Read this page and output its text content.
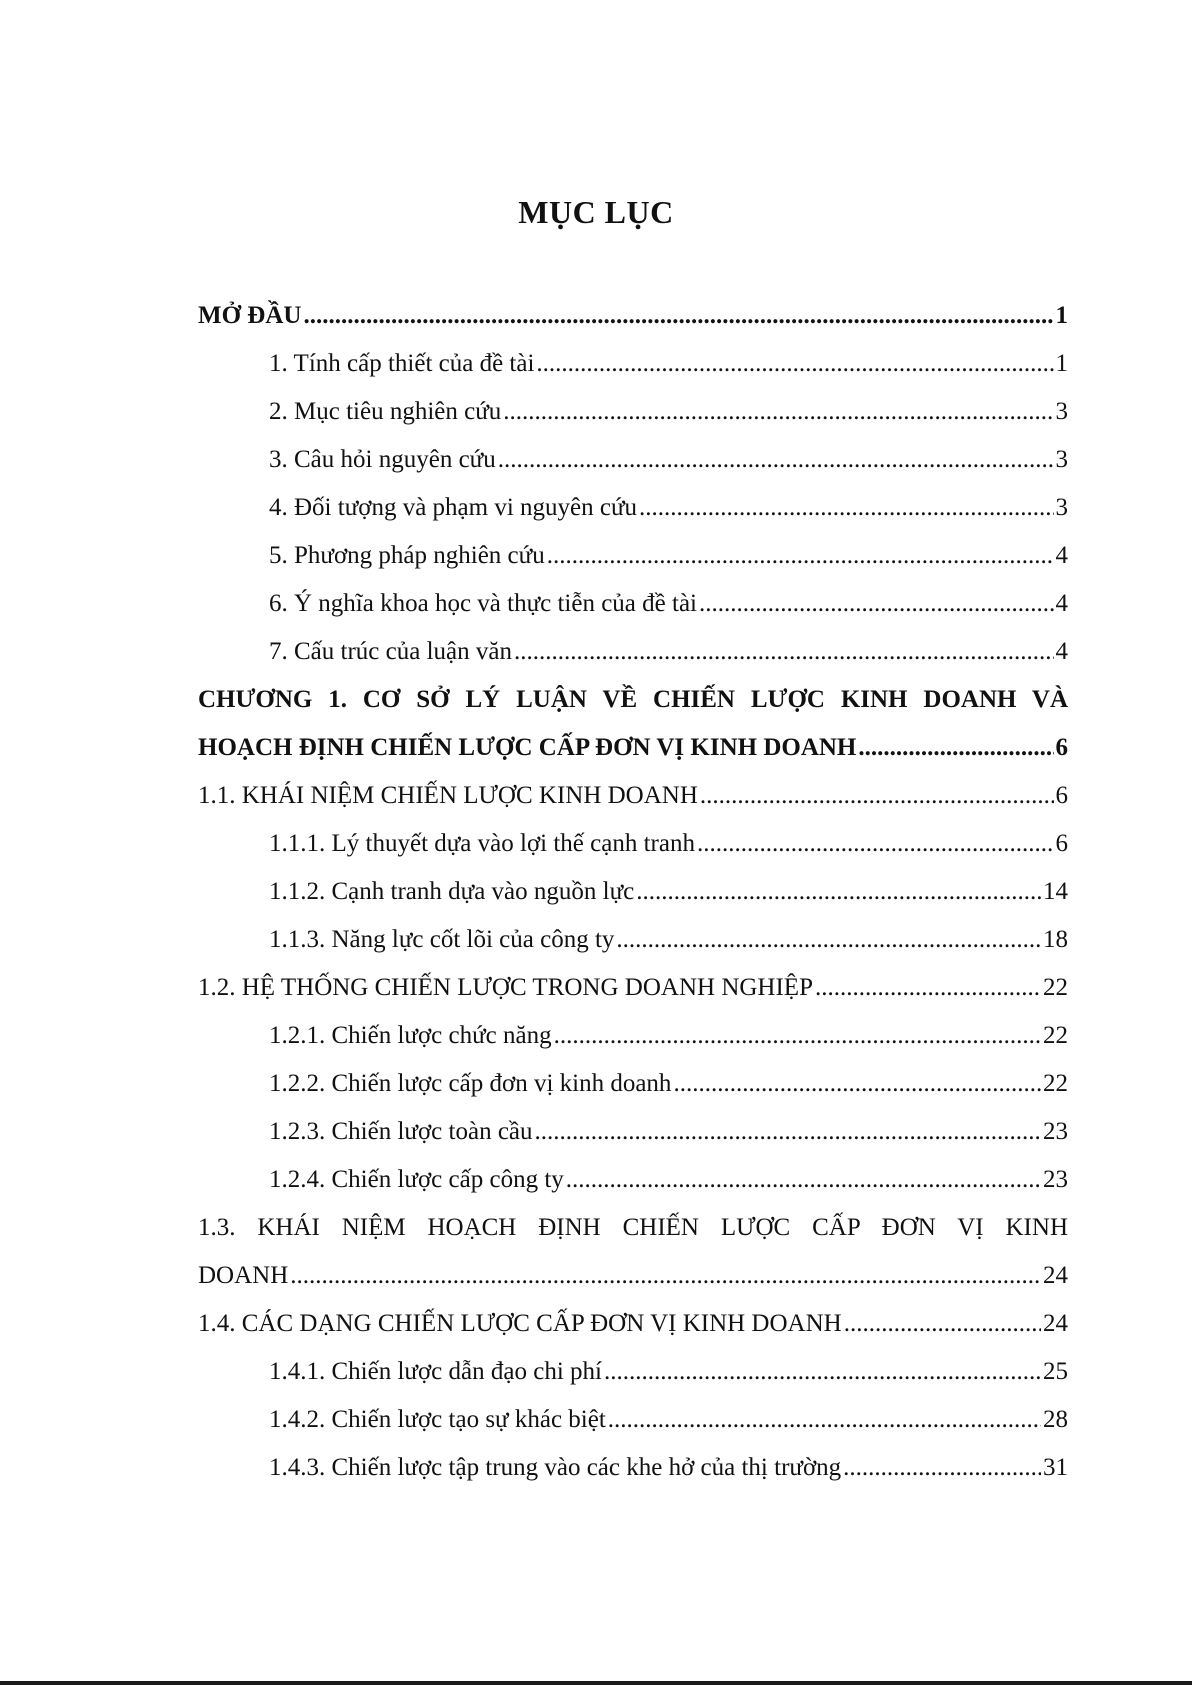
MỤC LỤC
MỞ ĐẦU .....	1
1. Tính cấp thiết của đề tài .....	1
2. Mục tiêu nghiên cứu .....	3
3. Câu hỏi nguyên cứu .....	3
4. Đối tượng và phạm vi nguyên cứu .....	3
5. Phương pháp nghiên cứu .....	4
6. Ý nghĩa khoa học và thực tiễn của đề tài .....	4
7. Cấu trúc của luận văn .....	4
CHƯƠNG 1. CƠ SỞ LÝ LUẬN VỀ CHIẾN LƯỢC KINH DOANH VÀ
HOẠCH ĐỊNH CHIẾN LƯỢC CẤP ĐƠN VỊ KINH DOANH .....	6
1.1. KHÁI NIỆM CHIẾN LƯỢC KINH DOANH .....	6
1.1.1. Lý thuyết dựa vào lợi thế cạnh tranh .....	6
1.1.2. Cạnh tranh dựa vào nguồn lực .....	14
1.1.3. Năng lực cốt lõi của công ty .....	18
1.2. HỆ THỐNG CHIẾN LƯỢC TRONG DOANH NGHIỆP .....	22
1.2.1. Chiến lược chức năng .....	22
1.2.2. Chiến lược cấp đơn vị kinh doanh .....	22
1.2.3. Chiến lược toàn cầu .....	23
1.2.4. Chiến lược cấp công ty .....	23
1.3. KHÁI NIỆM HOẠCH ĐỊNH CHIẾN LƯỢC CẤP ĐƠN VỊ KINH
DOANH .....	24
1.4. CÁC DẠNG CHIẾN LƯỢC CẤP ĐƠN VỊ KINH DOANH .....	24
1.4.1. Chiến lược dẫn đạo chi phí .....	25
1.4.2. Chiến lược tạo sự khác biệt .....	28
1.4.3. Chiến lược tập trung vào các khe hở của thị trường .....	31
